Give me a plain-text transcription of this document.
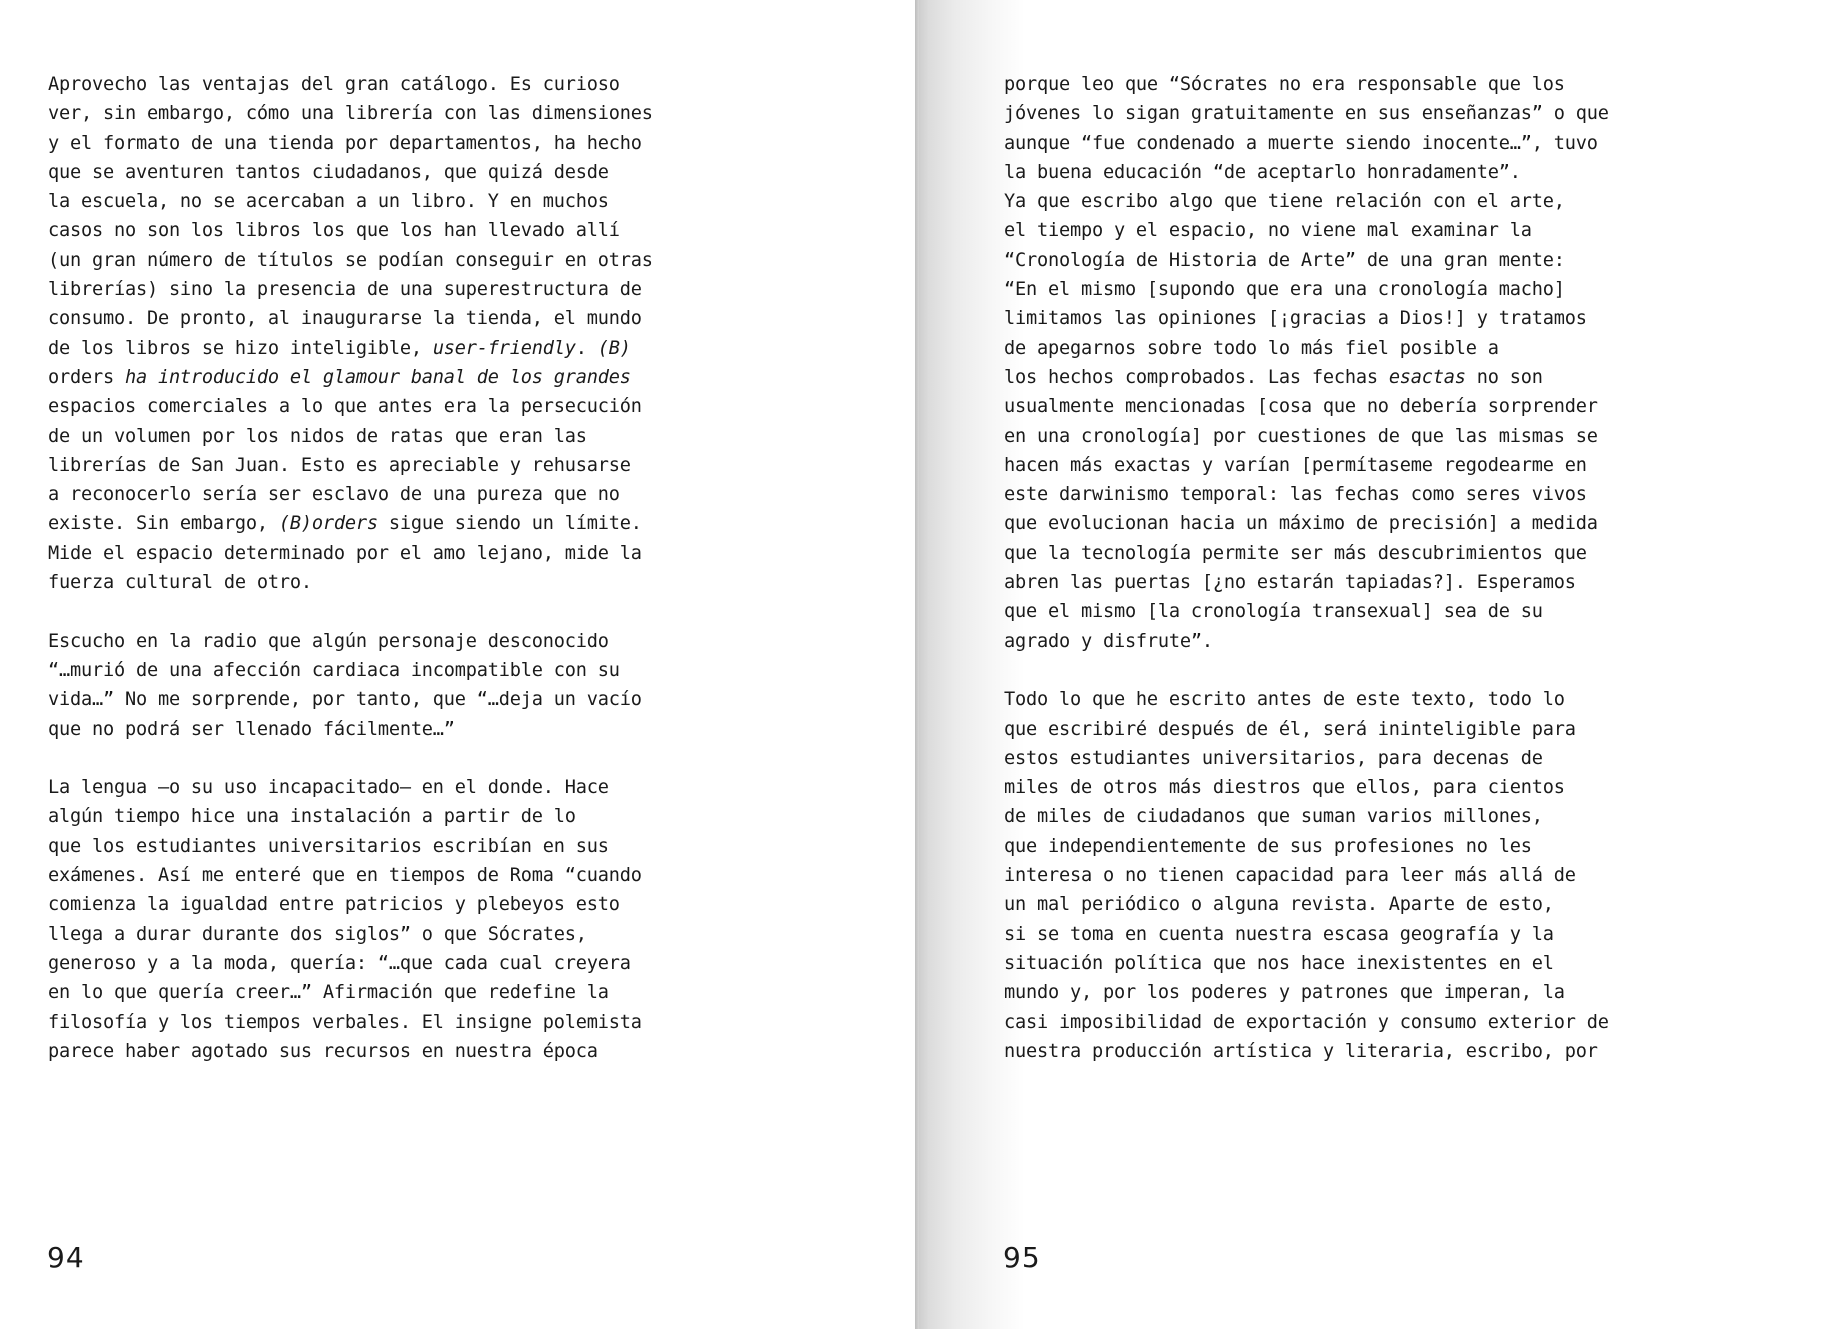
Aprovecho las ventajas del gran catálogo. Es curioso
ver, sin embargo, cómo una librería con las dimensiones
y el formato de una tienda por departamentos, ha hecho
que se aventuren tantos ciudadanos, que quizá desde
la escuela, no se acercaban a un libro. Y en muchos
casos no son los libros los que los han llevado allí
(un gran número de títulos se podían conseguir en otras
librerías) sino la presencia de una superestructura de
consumo. De pronto, al inaugurarse la tienda, el mundo
de los libros se hizo inteligible, user-friendly. (B)
orders ha introducido el glamour banal de los grandes
espacios comerciales a lo que antes era la persecución
de un volumen por los nidos de ratas que eran las
librerías de San Juan. Esto es apreciable y rehusarse
a reconocerlo sería ser esclavo de una pureza que no
existe. Sin embargo, (B)orders sigue siendo un límite.
Mide el espacio determinado por el amo lejano, mide la
fuerza cultural de otro.
Escucho en la radio que algún personaje desconocido
“…murió de una afección cardiaca incompatible con su
vida…” No me sorprende, por tanto, que “…deja un vacío
que no podrá ser llenado fácilmente…”
La lengua —o su uso incapacitado— en el donde. Hace
algún tiempo hice una instalación a partir de lo
que los estudiantes universitarios escribían en sus
exámenes. Así me enteré que en tiempos de Roma “cuando
comienza la igualdad entre patricios y plebeyos esto
llega a durar durante dos siglos” o que Sócrates,
generoso y a la moda, quería: “…que cada cual creyera
en lo que quería creer…” Afirmación que redefine la
filosofía y los tiempos verbales. El insigne polemista
parece haber agotado sus recursos en nuestra época
94
porque leo que “Sócrates no era responsable que los
jóvenes lo sigan gratuitamente en sus enseñanzas” o que
aunque “fue condenado a muerte siendo inocente…”, tuvo
la buena educación “de aceptarlo honradamente”.
Ya que escribo algo que tiene relación con el arte,
el tiempo y el espacio, no viene mal examinar la
“Cronología de Historia de Arte” de una gran mente:
“En el mismo [supondo que era una cronología macho]
limitamos las opiniones [¡gracias a Dios!] y tratamos
de apegarnos sobre todo lo más fiel posible a
los hechos comprobados. Las fechas esactas no son
usualmente mencionadas [cosa que no debería sorprender
en una cronología] por cuestiones de que las mismas se
hacen más exactas y varían [permítaseme regodearme en
este darwinismo temporal: las fechas como seres vivos
que evolucionan hacia un máximo de precisión] a medida
que la tecnología permite ser más descubrimientos que
abren las puertas [¿no estarán tapiadas?]. Esperamos
que el mismo [la cronología transexual] sea de su
agrado y disfrute”.
Todo lo que he escrito antes de este texto, todo lo
que escribiré después de él, será ininteligible para
estos estudiantes universitarios, para decenas de
miles de otros más diestros que ellos, para cientos
de miles de ciudadanos que suman varios millones,
que independientemente de sus profesiones no les
interesa o no tienen capacidad para leer más allá de
un mal periódico o alguna revista. Aparte de esto,
si se toma en cuenta nuestra escasa geografía y la
situación política que nos hace inexistentes en el
mundo y, por los poderes y patrones que imperan, la
casi imposibilidad de exportación y consumo exterior de
nuestra producción artística y literaria, escribo, por
95
